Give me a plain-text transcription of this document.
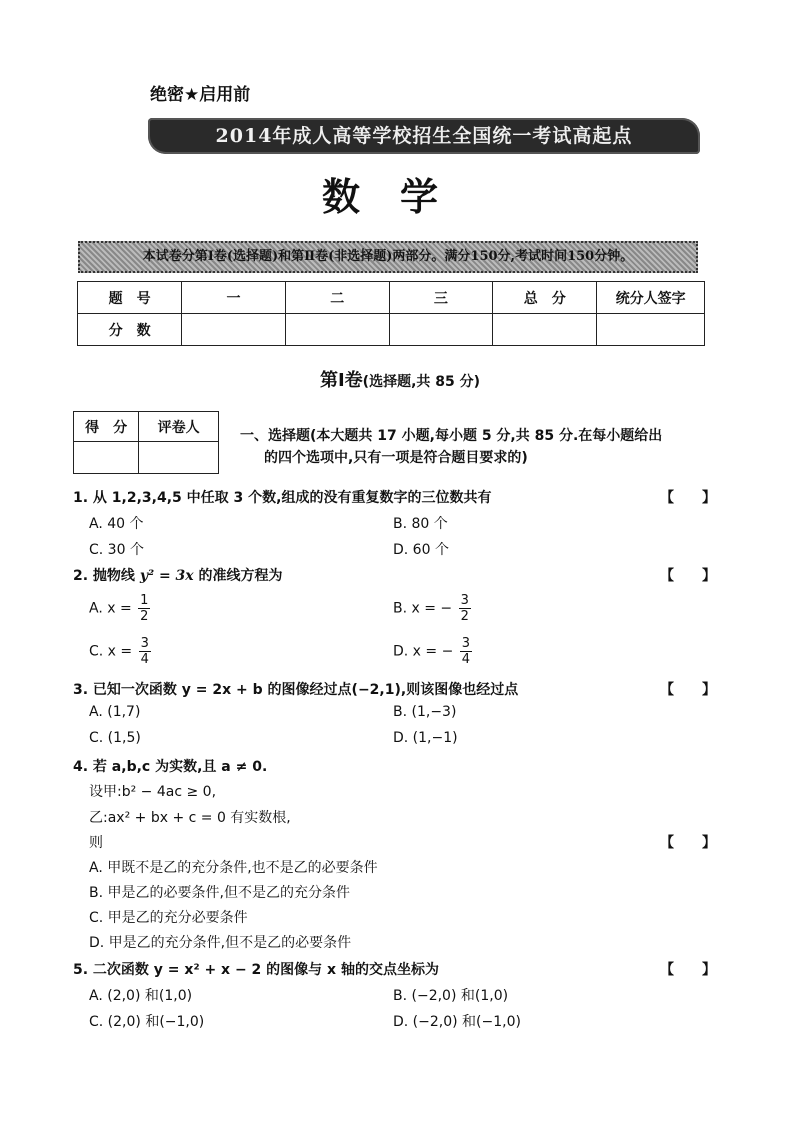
绝密★启用前
2014年成人高等学校招生全国统一考试高起点
数学
本试卷分第Ⅰ卷(选择题)和第Ⅱ卷(非选择题)两部分。满分150分,考试时间150分钟。
题　号	一	二	三	总　分	统分人签字
分　数					
第Ⅰ卷(选择题,共 85 分)
得　分	评卷人

一、选择题(本大题共 17 小题,每小题 5 分,共 85 分.在每小题给出
的四个选项中,只有一项是符合题目要求的)
1. 从 1,2,3,4,5 中任取 3 个数,组成的没有重复数字的三位数共有	【　　】
A. 40 个	B. 80 个
C. 30 个	D. 60 个
2. 抛物线 y² = 3x 的准线方程为	【　　】
A. $x = \frac{1}{2}$	B. x = − $\frac{3}{2}$
C. $x = \frac{3}{4}$	D. x = − $\frac{3}{4}$
3. 已知一次函数 y = 2x + b 的图像经过点(−2,1),则该图像也经过点	【　　】
A. (1,7)	B. (1,−3)
C. (1,5)	D. (1,−1)
4. 若 a,b,c 为实数,且 a ≠ 0.
设甲:b² − 4ac ≥ 0,
乙:ax² + bx + c = 0 有实数根,
则	【　　】
A. 甲既不是乙的充分条件,也不是乙的必要条件
B. 甲是乙的必要条件,但不是乙的充分条件
C. 甲是乙的充分必要条件
D. 甲是乙的充分条件,但不是乙的必要条件
5. 二次函数 y = x² + x − 2 的图像与 x 轴的交点坐标为	【　　】
A. (2,0) 和(1,0)	B. (−2,0) 和(1,0)
C. (2,0) 和(−1,0)	D. (−2,0) 和(−1,0)
